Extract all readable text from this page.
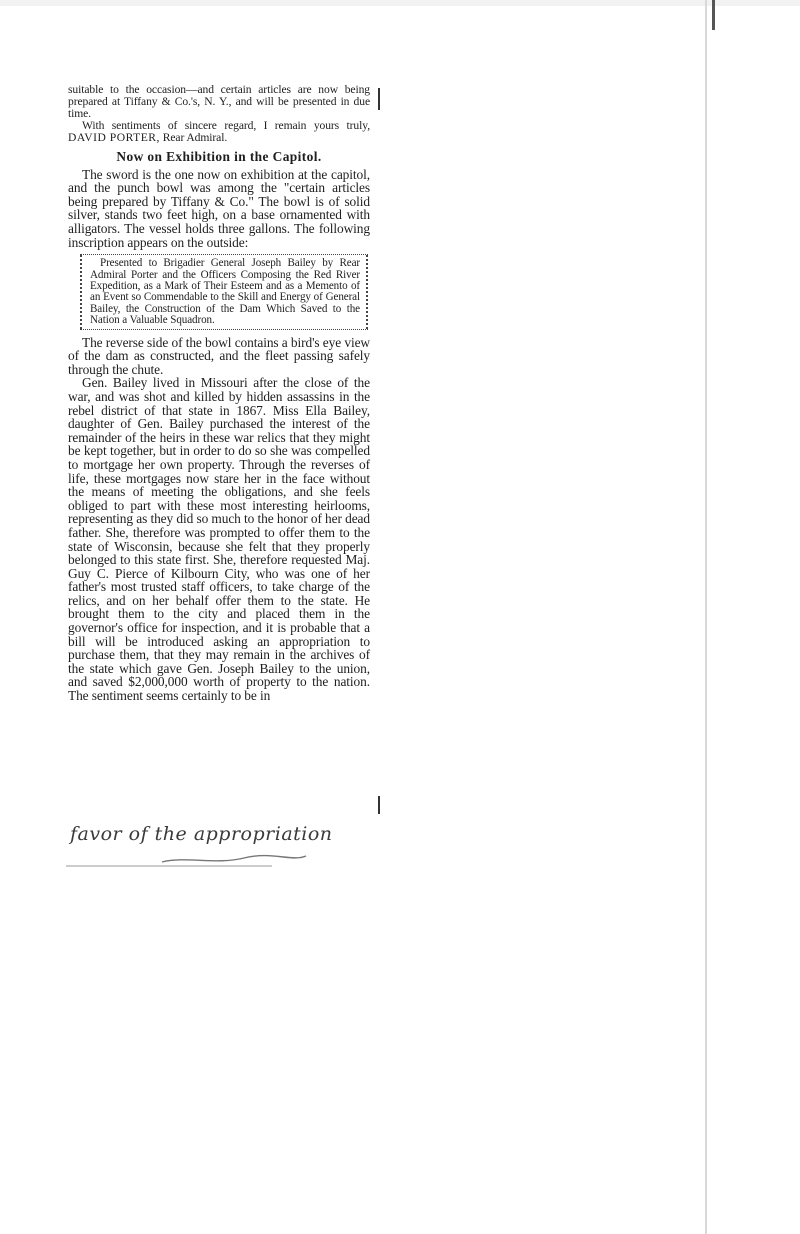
suitable to the occasion—and certain articles are now being prepared at Tiffany & Co.'s, N. Y., and will be presented in due time.

With sentiments of sincere regard, I remain yours truly, DAVID PORTER, Rear Admiral.

Now on Exhibition in the Capitol.

The sword is the one now on exhibition at the capitol, and the punch bowl was among the "certain articles being prepared by Tiffany & Co." The bowl is of solid silver, stands two feet high, on a base ornamented with alligators. The vessel holds three gallons. The following inscription appears on the outside:

Presented to Brigadier General Joseph Bailey by Rear Admiral Porter and the Officers Composing the Red River Expedition, as a Mark of Their Esteem and as a Memento of an Event so Commendable to the Skill and Energy of General Bailey, the Construction of the Dam Which Saved to the Nation a Valuable Squadron.

The reverse side of the bowl contains a bird's eye view of the dam as constructed, and the fleet passing safely through the chute.

Gen. Bailey lived in Missouri after the close of the war, and was shot and killed by hidden assassins in the rebel district of that state in 1867. Miss Ella Bailey, daughter of Gen. Bailey purchased the interest of the remainder of the heirs in these war relics that they might be kept together, but in order to do so she was compelled to mortgage her own property. Through the reverses of life, these mortgages now stare her in the face without the means of meeting the obligations, and she feels obliged to part with these most interesting heirlooms, representing as they did so much to the honor of her dead father. She, therefore was prompted to offer them to the state of Wisconsin, because she felt that they properly belonged to this state first. She, therefore requested Maj. Guy C. Pierce of Kilbourn City, who was one of her father's most trusted staff officers, to take charge of the relics, and on her behalf offer them to the state. He brought them to the city and placed them in the governor's office for inspection, and it is probable that a bill will be introduced asking an appropriation to purchase them, that they may remain in the archives of the state which gave Gen. Joseph Bailey to the union, and saved $2,000,000 worth of property to the nation. The sentiment seems certainly to be in

favor of the appropriation
